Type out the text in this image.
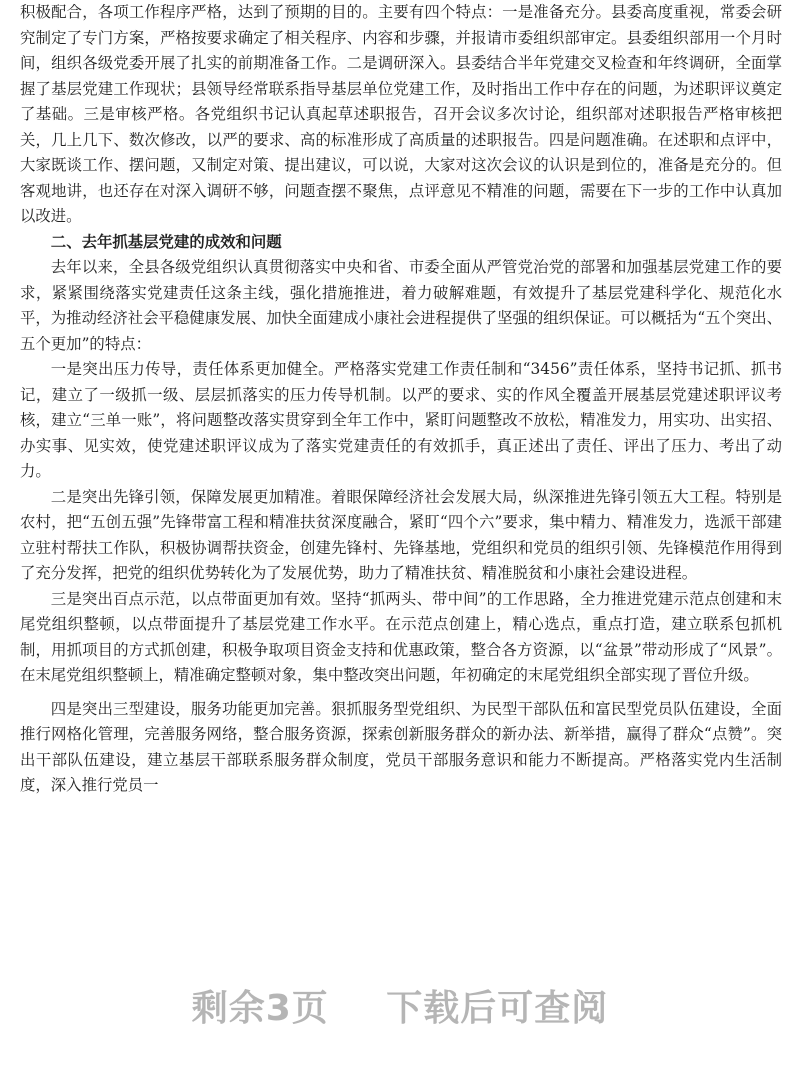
积极配合，各项工作程序严格，达到了预期的目的。主要有四个特点：一是准备充分。县委高度重视，常委会研究制定了专门方案，严格按要求确定了相关程序、内容和步骤，并报请市委组织部审定。县委组织部用一个月时间，组织各级党委开展了扎实的前期准备工作。二是调研深入。县委结合半年党建交叉检查和年终调研，全面掌握了基层党建工作现状；县领导经常联系指导基层单位党建工作，及时指出工作中存在的问题，为述职评议奠定了基础。三是审核严格。各党组织书记认真起草述职报告，召开会议多次讨论，组织部对述职报告严格审核把关，几上几下、数次修改，以严的要求、高的标准形成了高质量的述职报告。四是问题准确。在述职和点评中，大家既谈工作、摆问题，又制定对策、提出建议，可以说，大家对这次会议的认识是到位的，准备是充分的。但客观地讲，也还存在对深入调研不够，问题查摆不聚焦，点评意见不精准的问题，需要在下一步的工作中认真加以改进。

二、去年抓基层党建的成效和问题

去年以来，全县各级党组织认真贯彻落实中央和省、市委全面从严管党治党的部署和加强基层党建工作的要求，紧紧围绕落实党建责任这条主线，强化措施推进，着力破解难题，有效提升了基层党建科学化、规范化水平，为推动经济社会平稳健康发展、加快全面建成小康社会进程提供了坚强的组织保证。可以概括为“五个突出、五个更加”的特点：

一是突出压力传导，责任体系更加健全。严格落实党建工作责任制和“3456”责任体系，坚持书记抓、抓书记，建立了一级抓一级、层层抓落实的压力传导机制。以严的要求、实的作风全覆盖开展基层党建述职评议考核，建立“三单一账”，将问题整改落实贯穿到全年工作中，紧盯问题整改不放松，精准发力，用实功、出实招、办实事、见实效，使党建述职评议成为了落实党建责任的有效抓手，真正述出了责任、评出了压力、考出了动力。

二是突出先锋引领，保障发展更加精准。着眼保障经济社会发展大局，纵深推进先锋引领五大工程。特别是农村，把“五创五强”先锋带富工程和精准扶贫深度融合，紧盯“四个六”要求，集中精力、精准发力，选派干部建立驻村帮扶工作队，积极协调帮扶资金，创建先锋村、先锋基地，党组织和党员的组织引领、先锋模范作用得到了充分发挥，把党的组织优势转化为了发展优势，助力了精准扶贫、精准脱贫和小康社会建设进程。

三是突出百点示范，以点带面更加有效。坚持“抓两头、带中间”的工作思路，全力推进党建示范点创建和末尾党组织整顿，以点带面提升了基层党建工作水平。在示范点创建上，精心选点，重点打造，建立联系包抓机制，用抓项目的方式抓创建，积极争取项目资金支持和优惠政策，整合各方资源，以“盆景”带动形成了“风景”。在末尾党组织整顿上，精准确定整顿对象，集中整改突出问题，年初确定的末尾党组织全部实现了晋位升级。

四是突出三型建设，服务功能更加完善。狠抓服务型党组织、为民型干部队伍和富民型党员队伍建设，全面推行网格化管理，完善服务网络，整合服务资源，探索创新服务群众的新办法、新举措，赢得了群众“点赞”。突出干部队伍建设，建立基层干部联系服务群众制度，党员干部服务意识和能力不断提高。严格落实党内生活制度，深入推行党员一

剩余3页 下载后可查阅
